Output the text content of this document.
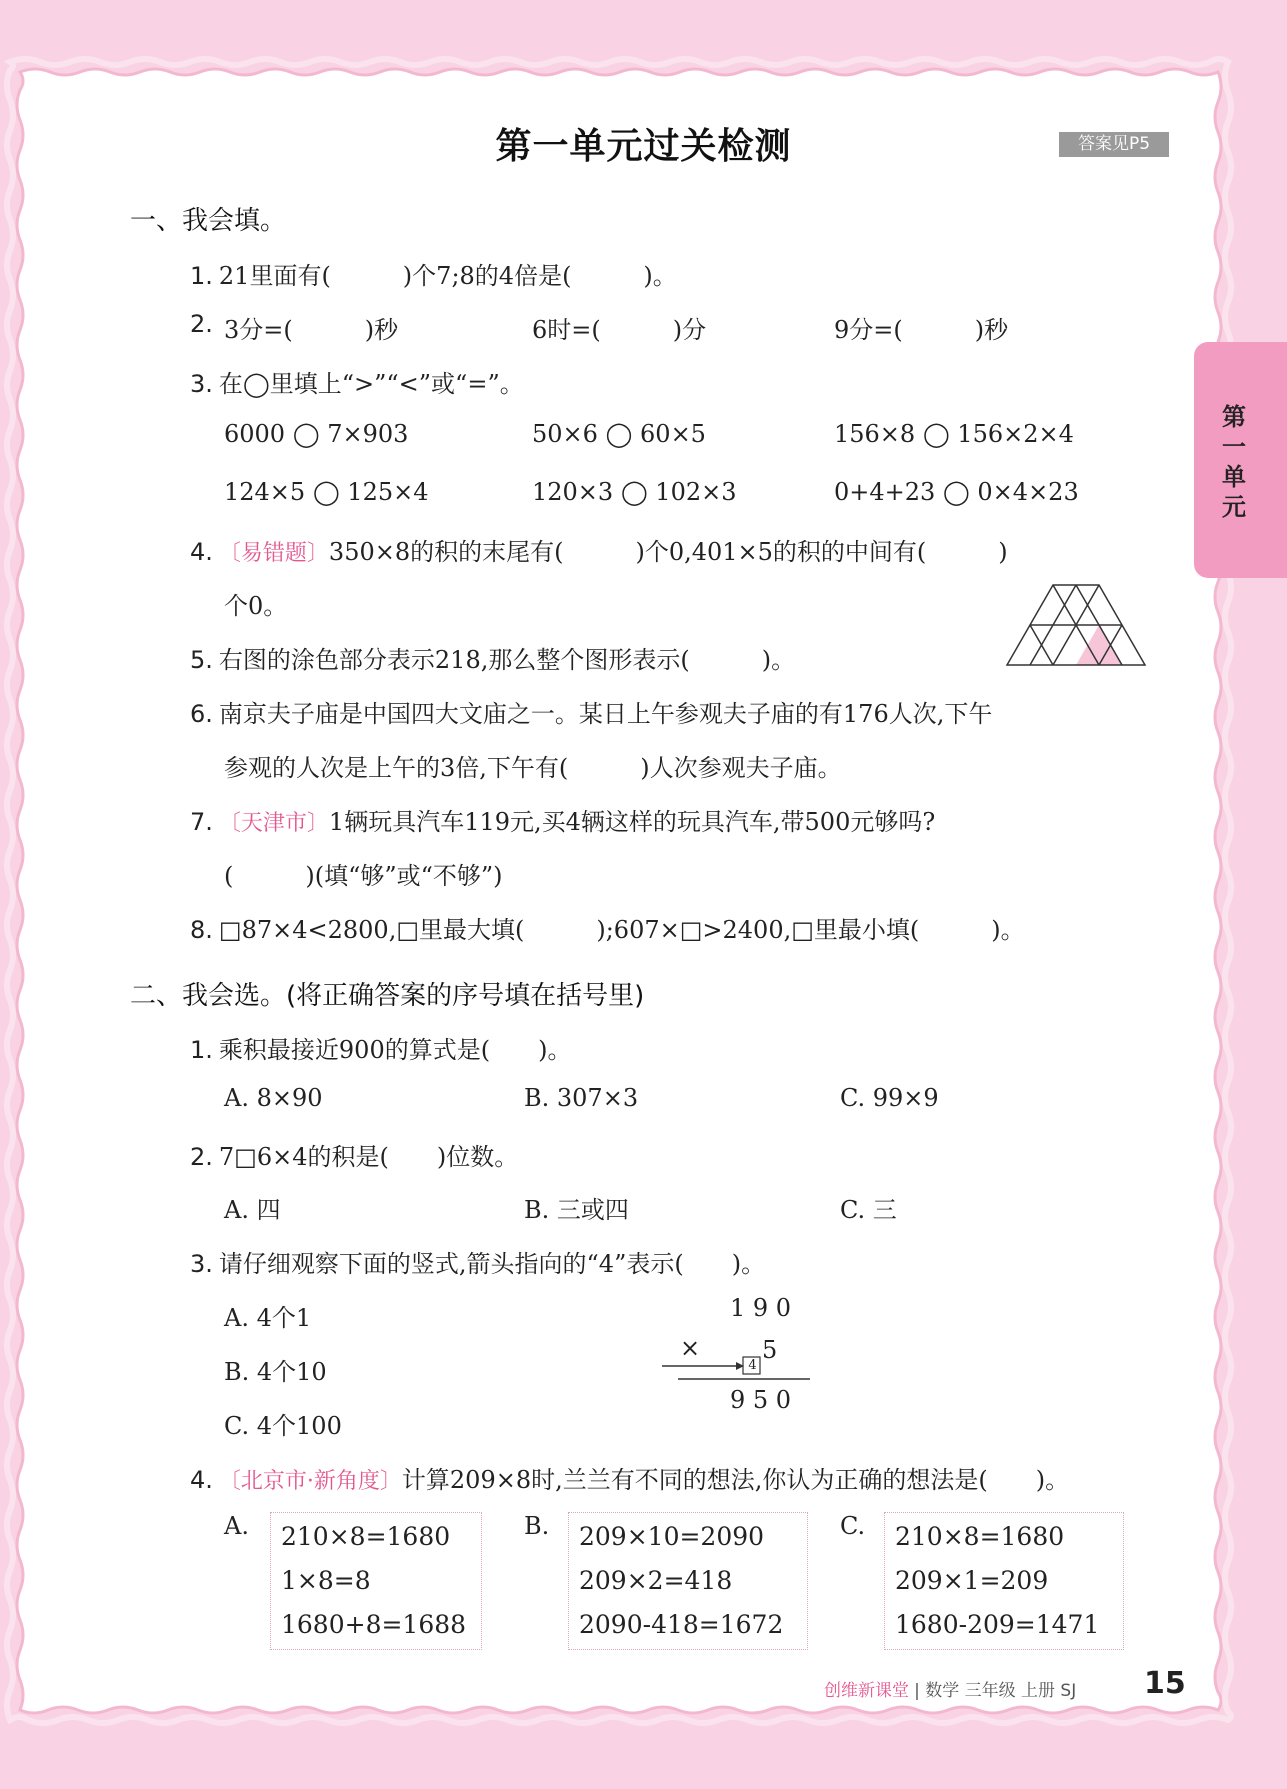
第一单元过关检测	答案见P5
第一单元
一、我会填。
1. 21里面有(　　　)个7;8的4倍是(　　　)。
2. 3分=(　　　)秒	6时=(　　　)分	9分=(　　　)秒
3. 在◯里填上“>”“<”或“=”。
6000 ◯ 7×903	50×6 ◯ 60×5	156×8 ◯ 156×2×4
124×5 ◯ 125×4	120×3 ◯ 102×3	0+4+23 ◯ 0×4×23
4. 〔易错题〕350×8的积的末尾有(　　　)个0,401×5的积的中间有(　　　)
个0。
5. 右图的涂色部分表示218,那么整个图形表示(　　　)。
6. 南京夫子庙是中国四大文庙之一。某日上午参观夫子庙的有176人次,下午
参观的人次是上午的3倍,下午有(　　　)人次参观夫子庙。
7. 〔天津市〕1辆玩具汽车119元,买4辆这样的玩具汽车,带500元够吗?
(　　　)(填“够”或“不够”)
8. □87×4<2800,□里最大填(　　　);607×□>2400,□里最小填(　　　)。
二、我会选。(将正确答案的序号填在括号里)
1. 乘积最接近900的算式是(　　)。
A. 8×90	B. 307×3	C. 99×9
2. 7□6×4的积是(　　)位数。
A. 四	B. 三或四	C. 三
3. 请仔细观察下面的竖式,箭头指向的“4”表示(　　)。
A. 4个1
B. 4个10
C. 4个100
1 9 0
×	5
4
9 5 0
4. 〔北京市·新角度〕计算209×8时,兰兰有不同的想法,你认为正确的想法是(　　)。
A. 210×8=1680
1×8=8
1680+8=1688
B. 209×10=2090
209×2=418
2090-418=1672
C. 210×8=1680
209×1=209
1680-209=1471
创维新课堂 | 数学 三年级 上册 SJ 15
